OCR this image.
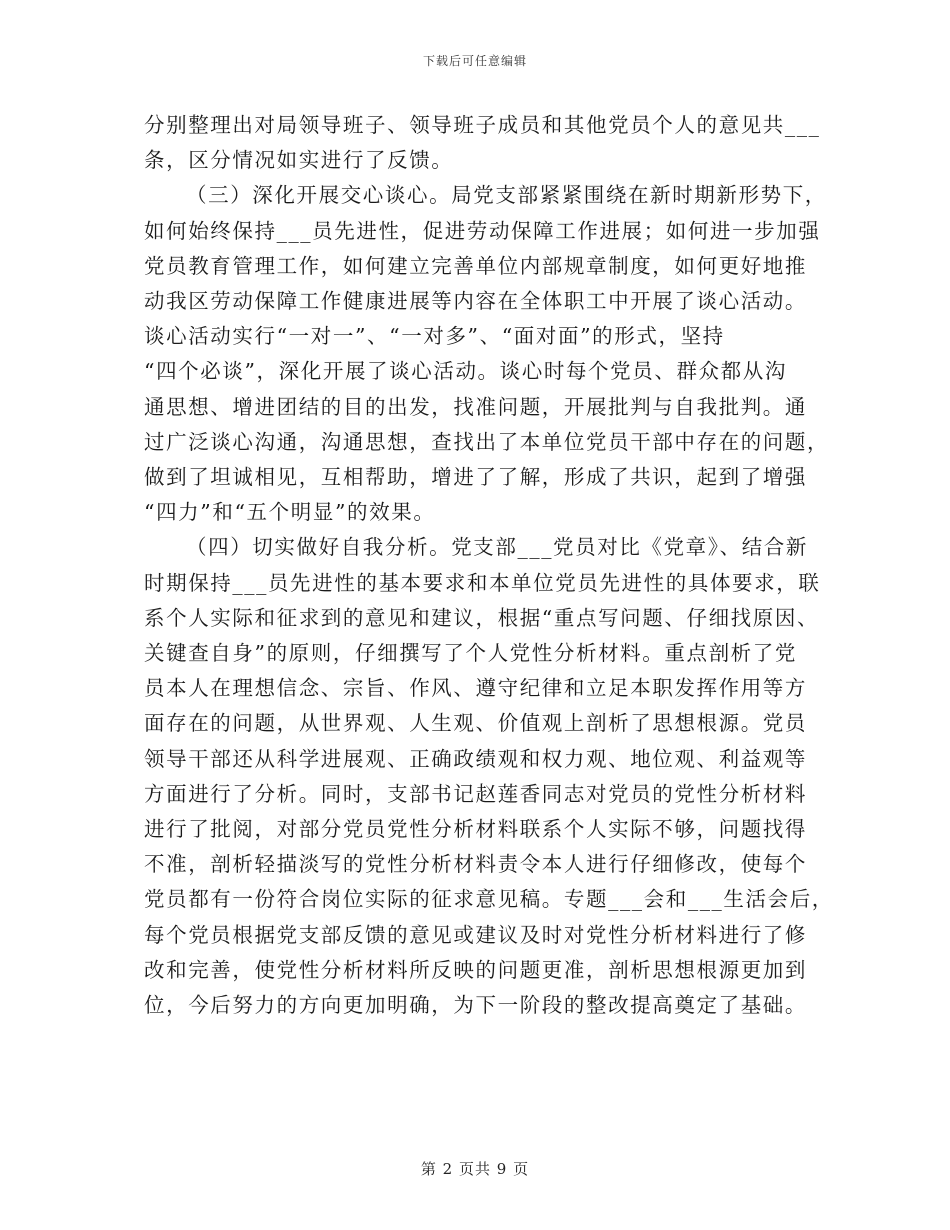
下载后可任意编辑
分别整理出对局领导班子、领导班子成员和其他党员个人的意见共___
条，区分情况如实进行了反馈。
（三）深化开展交心谈心。局党支部紧紧围绕在新时期新形势下，
如何始终保持___员先进性，促进劳动保障工作进展；如何进一步加强
党员教育管理工作，如何建立完善单位内部规章制度，如何更好地推
动我区劳动保障工作健康进展等内容在全体职工中开展了谈心活动。
谈心活动实行“一对一”、“一对多”、“面对面”的形式，坚持
“四个必谈”，深化开展了谈心活动。谈心时每个党员、群众都从沟
通思想、增进团结的目的出发，找准问题，开展批判与自我批判。通
过广泛谈心沟通，沟通思想，查找出了本单位党员干部中存在的问题，
做到了坦诚相见，互相帮助，增进了了解，形成了共识，起到了增强
“四力”和“五个明显”的效果。
（四）切实做好自我分析。党支部___党员对比《党章》、结合新
时期保持___员先进性的基本要求和本单位党员先进性的具体要求，联
系个人实际和征求到的意见和建议，根据“重点写问题、仔细找原因、
关键查自身”的原则，仔细撰写了个人党性分析材料。重点剖析了党
员本人在理想信念、宗旨、作风、遵守纪律和立足本职发挥作用等方
面存在的问题，从世界观、人生观、价值观上剖析了思想根源。党员
领导干部还从科学进展观、正确政绩观和权力观、地位观、利益观等
方面进行了分析。同时，支部书记赵莲香同志对党员的党性分析材料
进行了批阅，对部分党员党性分析材料联系个人实际不够，问题找得
不准，剖析轻描淡写的党性分析材料责令本人进行仔细修改，使每个
党员都有一份符合岗位实际的征求意见稿。专题___会和___生活会后，
每个党员根据党支部反馈的意见或建议及时对党性分析材料进行了修
改和完善，使党性分析材料所反映的问题更准，剖析思想根源更加到
位，今后努力的方向更加明确，为下一阶段的整改提高奠定了基础。
第 2 页共 9 页
